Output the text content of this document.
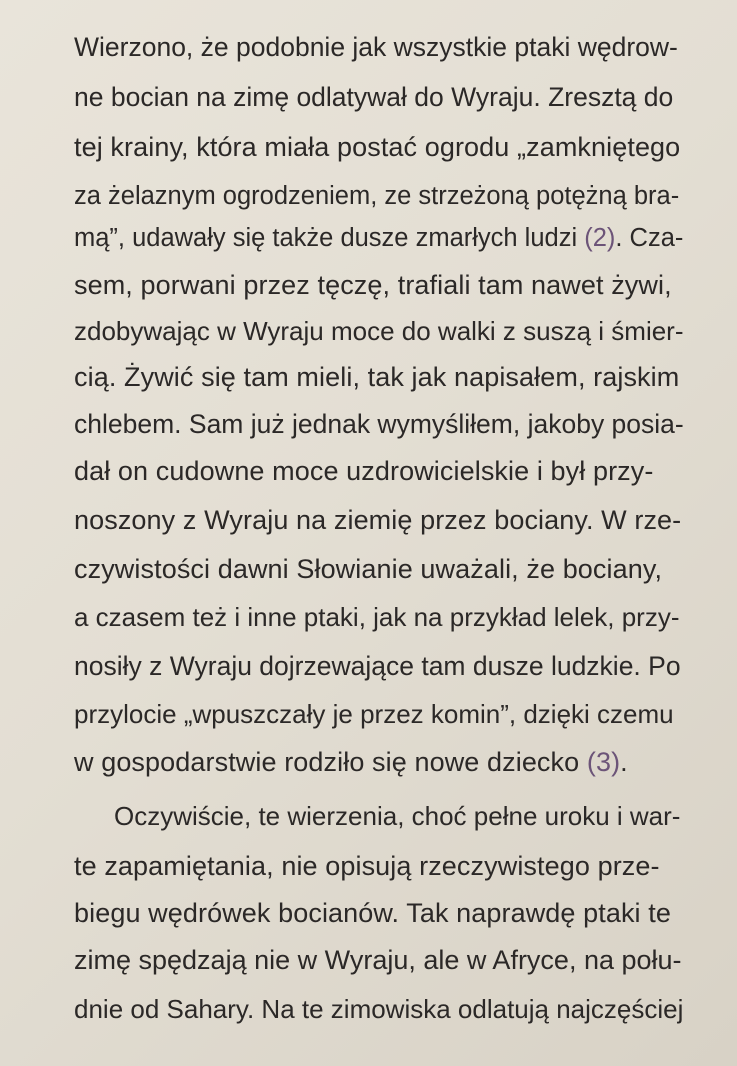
Wierzono, że podobnie jak wszystkie ptaki wędrow-
ne bocian na zimę odlatywał do Wyraju. Zresztą do
tej krainy, która miała postać ogrodu „zamkniętego
za żelaznym ogrodzeniem, ze strzeżoną potężną bra-
mą”, udawały się także dusze zmarłych ludzi (2). Cza-
sem, porwani przez tęczę, trafiali tam nawet żywi,
zdobywając w Wyraju moce do walki z suszą i śmier-
cią. Żywić się tam mieli, tak jak napisałem, rajskim
chlebem. Sam już jednak wymyśliłem, jakoby posia-
dał on cudowne moce uzdrowicielskie i był przy-
noszony z Wyraju na ziemię przez bociany. W rze-
czywistości dawni Słowianie uważali, że bociany,
a czasem też i inne ptaki, jak na przykład lelek, przy-
nosiły z Wyraju dojrzewające tam dusze ludzkie. Po
przylocie „wpuszczały je przez komin”, dzięki czemu
w gospodarstwie rodziło się nowe dziecko (3).
Oczywiście, te wierzenia, choć pełne uroku i war-
te zapamiętania, nie opisują rzeczywistego prze-
biegu wędrówek bocianów. Tak naprawdę ptaki te
zimę spędzają nie w Wyraju, ale w Afryce, na połu-
dnie od Sahary. Na te zimowiska odlatują najczęściej
